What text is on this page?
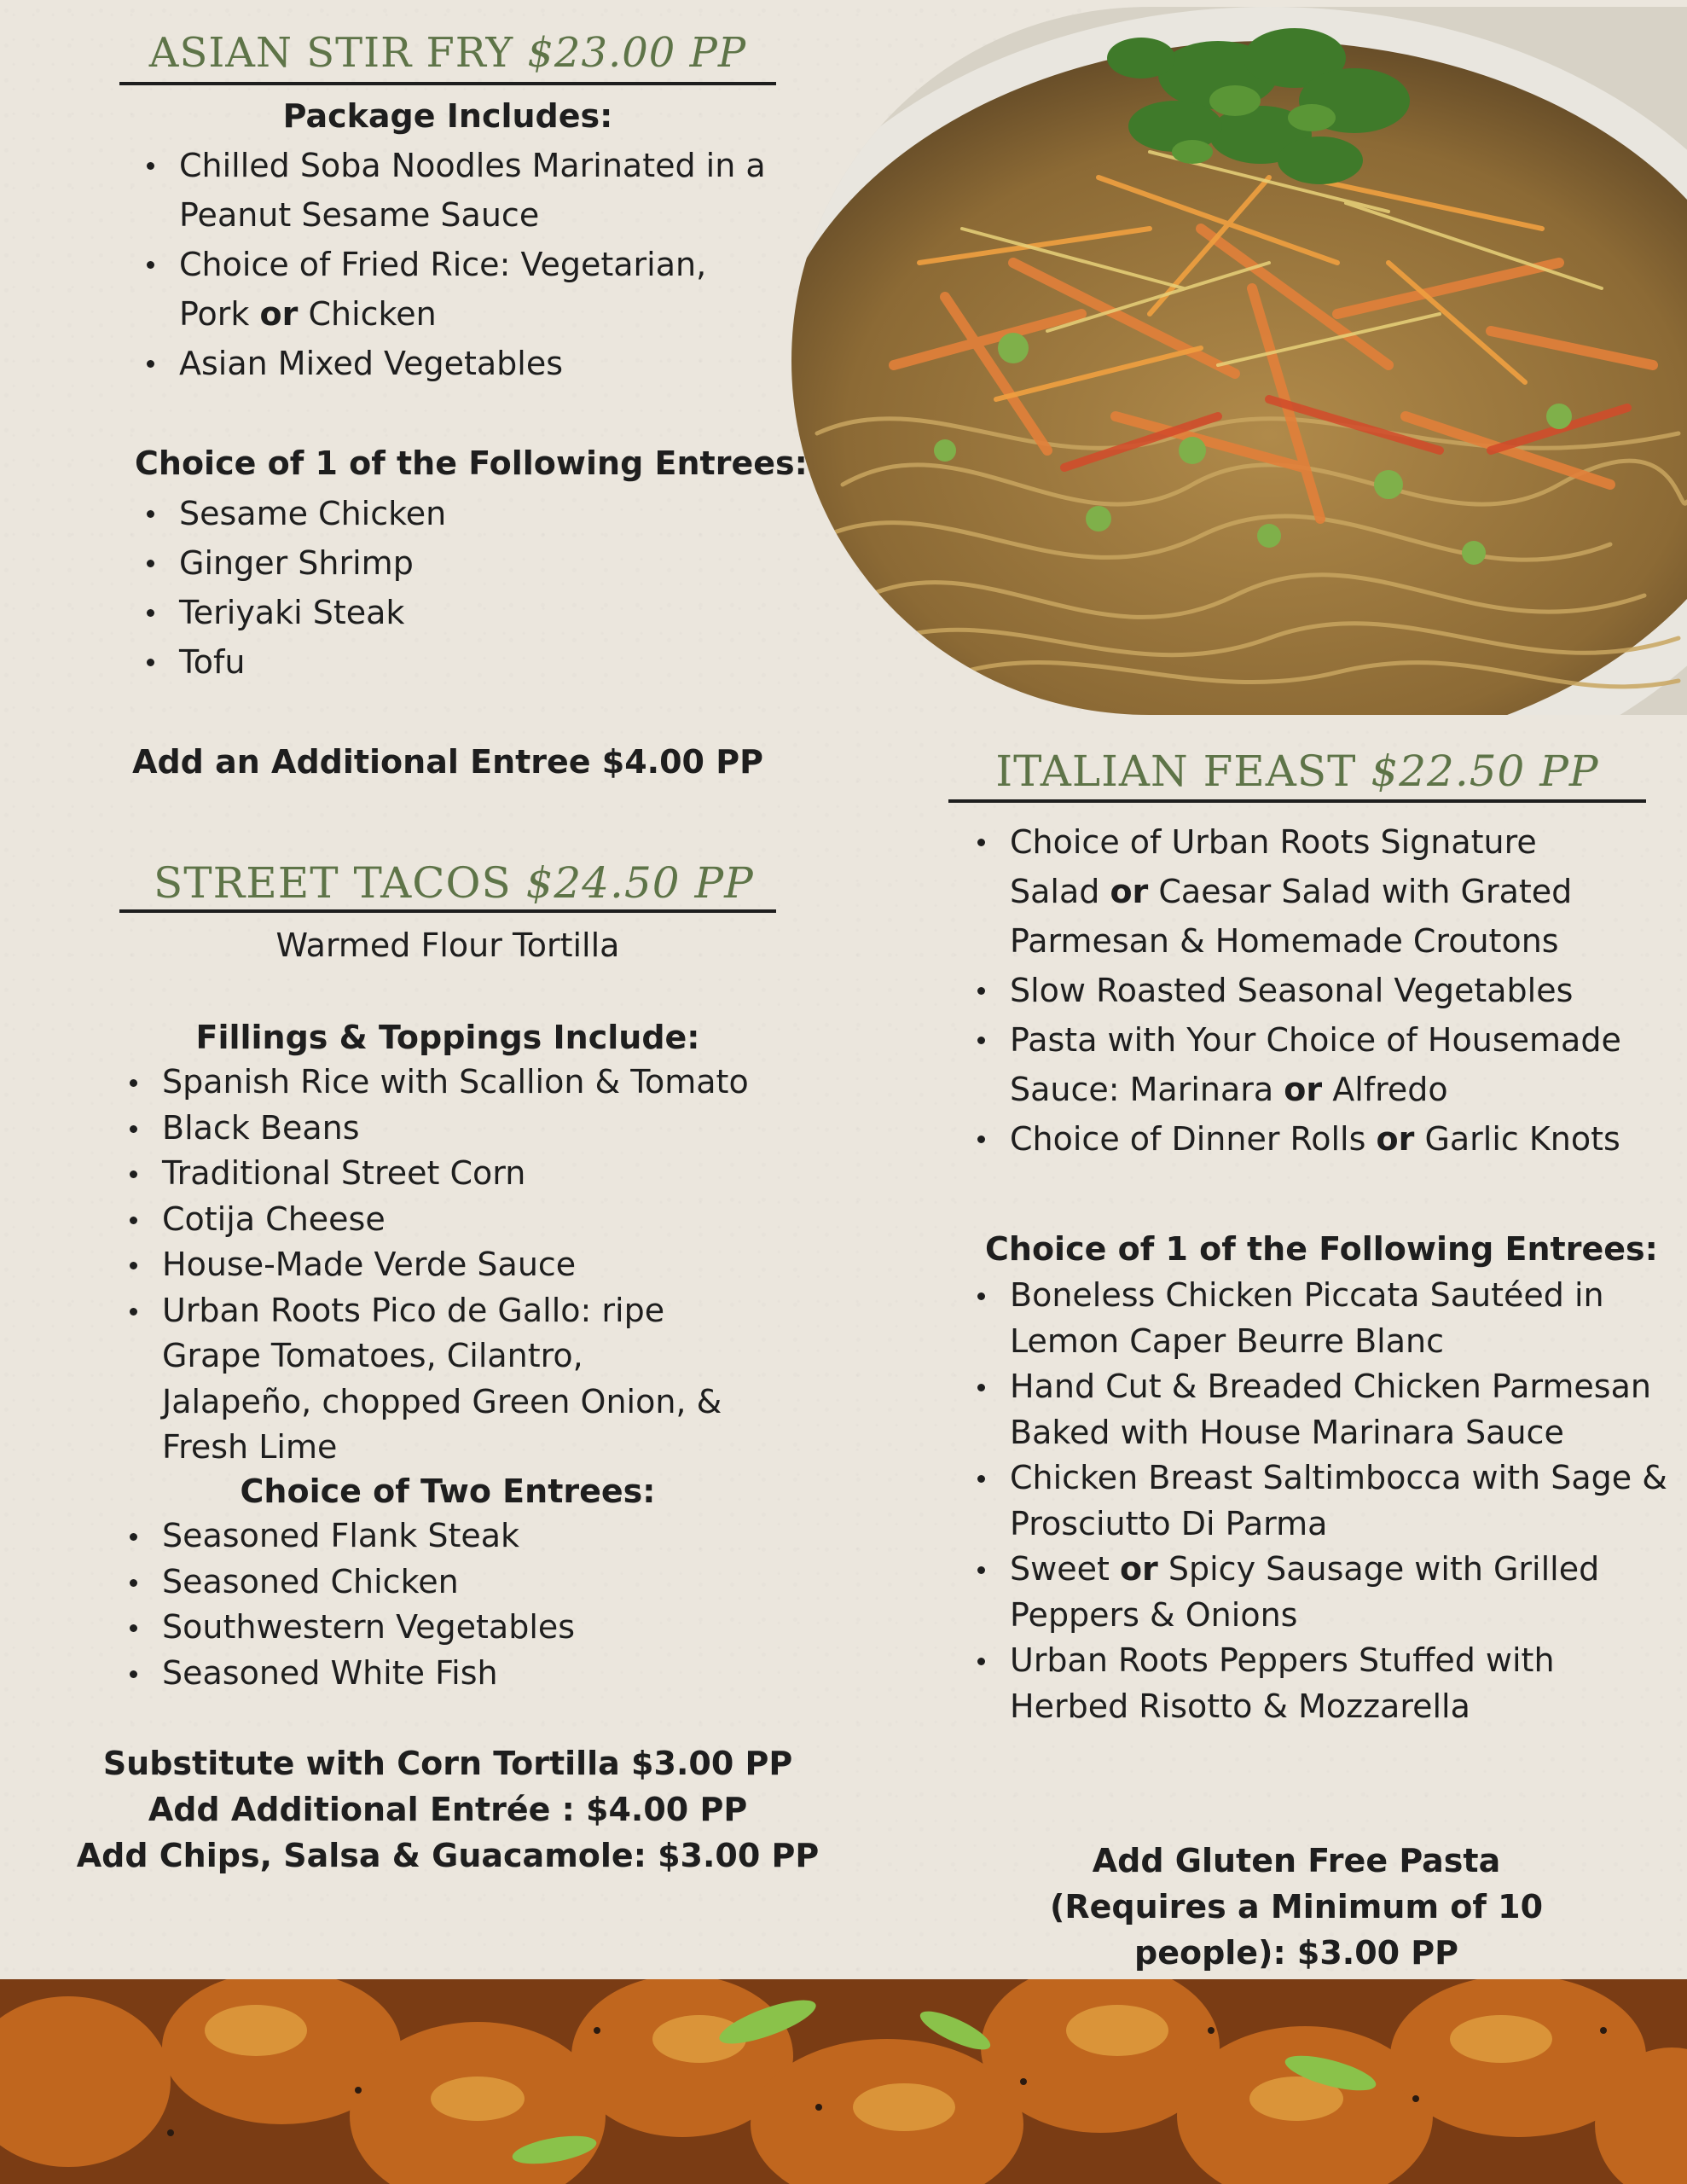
ASIAN STIR FRY $23.00 PP

Package Includes:

Chilled Soba Noodles Marinated in a Peanut Sesame Sauce
Choice of Fried Rice: Vegetarian, Pork or Chicken
Asian Mixed Vegetables

Choice of 1 of the Following Entrees:

Sesame Chicken
Ginger Shrimp
Teriyaki Steak
Tofu

Add an Additional Entree $4.00 PP

STREET TACOS $24.50 PP

Warmed Flour Tortilla

Fillings & Toppings Include:

Spanish Rice with Scallion & Tomato
Black Beans
Traditional Street Corn
Cotija Cheese
House-Made Verde Sauce
Urban Roots Pico de Gallo: ripe Grape Tomatoes, Cilantro, Jalapeño, chopped Green Onion, & Fresh Lime

Choice of Two Entrees:

Seasoned Flank Steak
Seasoned Chicken
Southwestern Vegetables
Seasoned White Fish
Substitute with Corn Tortilla $3.00 PP
Add Additional Entrée : $4.00 PP
Add Chips, Salsa & Guacamole: $3.00 PP
ITALIAN FEAST $22.50 PP
Choice of Urban Roots Signature Salad or Caesar Salad with Grated Parmesan & Homemade Croutons
Slow Roasted Seasonal Vegetables
Pasta with Your Choice of Housemade Sauce: Marinara or Alfredo
Choice of Dinner Rolls or Garlic Knots

Choice of 1 of the Following Entrees:

Boneless Chicken Piccata Sautéed in Lemon Caper Beurre Blanc
Hand Cut & Breaded Chicken Parmesan Baked with House Marinara Sauce
Chicken Breast Saltimbocca with Sage & Prosciutto Di Parma
Sweet or Spicy Sausage with Grilled Peppers & Onions
Urban Roots Peppers Stuffed with Herbed Risotto & Mozzarella
Add Gluten Free Pasta (Requires a Minimum of 10 people): $3.00 PP
